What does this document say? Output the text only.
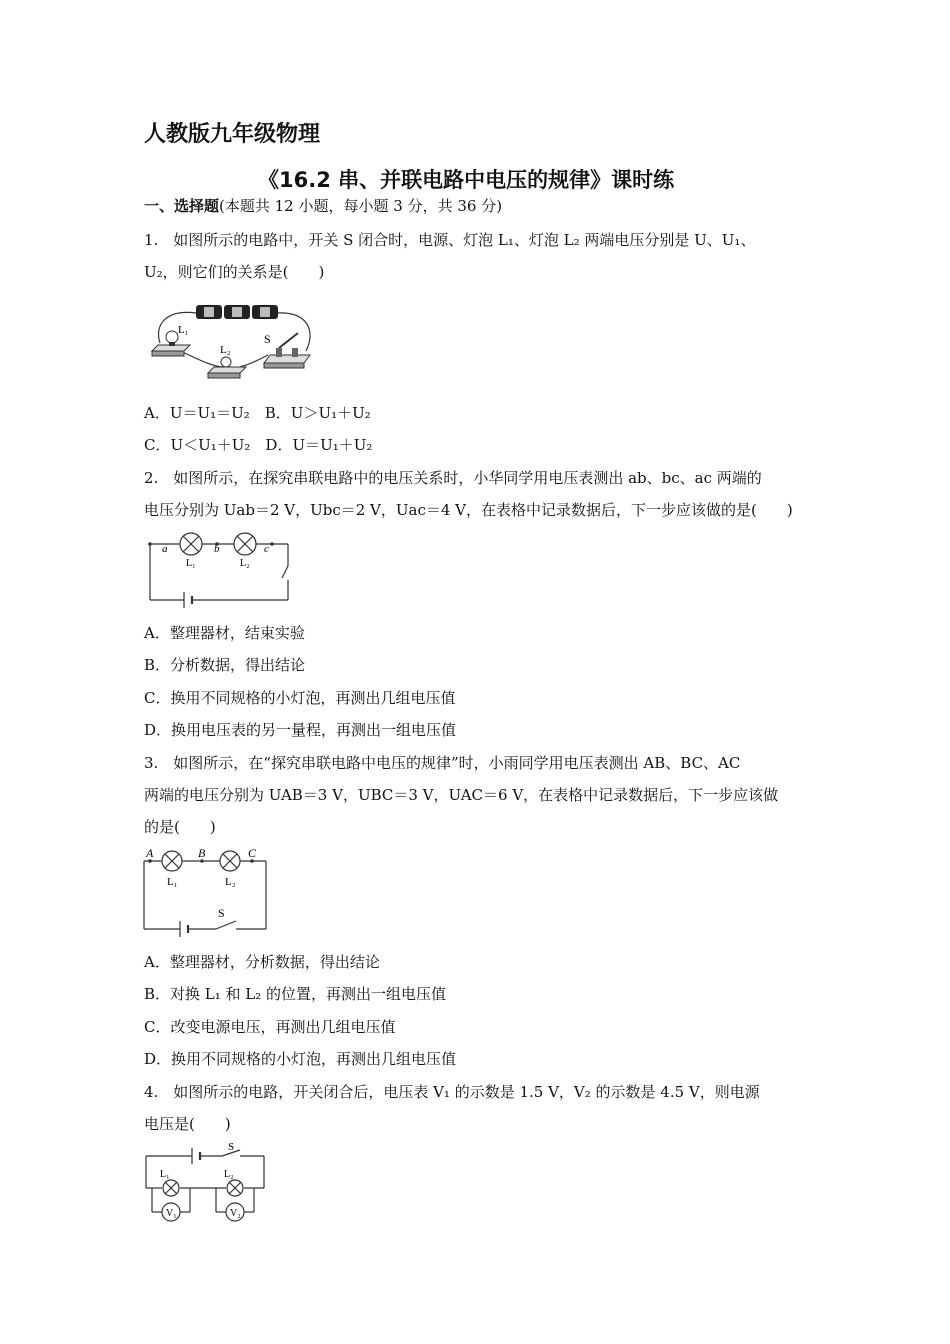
人教版九年级物理
《16.2 串、并联电路中电压的规律》课时练
一、选择题(本题共 12 小题，每小题 3 分，共 36 分)
1.　如图所示的电路中，开关 S 闭合时，电源、灯泡 L₁、灯泡 L₂ 两端电压分别是 U、U₁、
U₂，则它们的关系是(　　)
L₁
L₂
S
A．U＝U₁＝U₂　B．U＞U₁＋U₂
C．U＜U₁＋U₂　D．U＝U₁＋U₂
2.　如图所示，在探究串联电路中的电压关系时，小华同学用电压表测出 ab、bc、ac 两端的
电压分别为 Uab＝2 V，Ubc＝2 V，Uac＝4 V，在表格中记录数据后，下一步应该做的是(　　)
a	b	c
L₁	L₂
A．整理器材，结束实验
B．分析数据，得出结论
C．换用不同规格的小灯泡，再测出几组电压值
D．换用电压表的另一量程，再测出一组电压值
3.　如图所示，在“探究串联电路中电压的规律”时，小雨同学用电压表测出 AB、BC、AC
两端的电压分别为 UAB＝3 V，UBC＝3 V，UAC＝6 V，在表格中记录数据后，下一步应该做
的是(　　)
A	B	C
L₁	L₂
S
A．整理器材，分析数据，得出结论
B．对换 L₁ 和 L₂ 的位置，再测出一组电压值
C．改变电源电压，再测出几组电压值
D．换用不同规格的小灯泡，再测出几组电压值
4.　如图所示的电路，开关闭合后，电压表 V₁ 的示数是 1.5 V，V₂ 的示数是 4.5 V，则电源
电压是(　　)
S
L₁	L₂
V₁	V₂
